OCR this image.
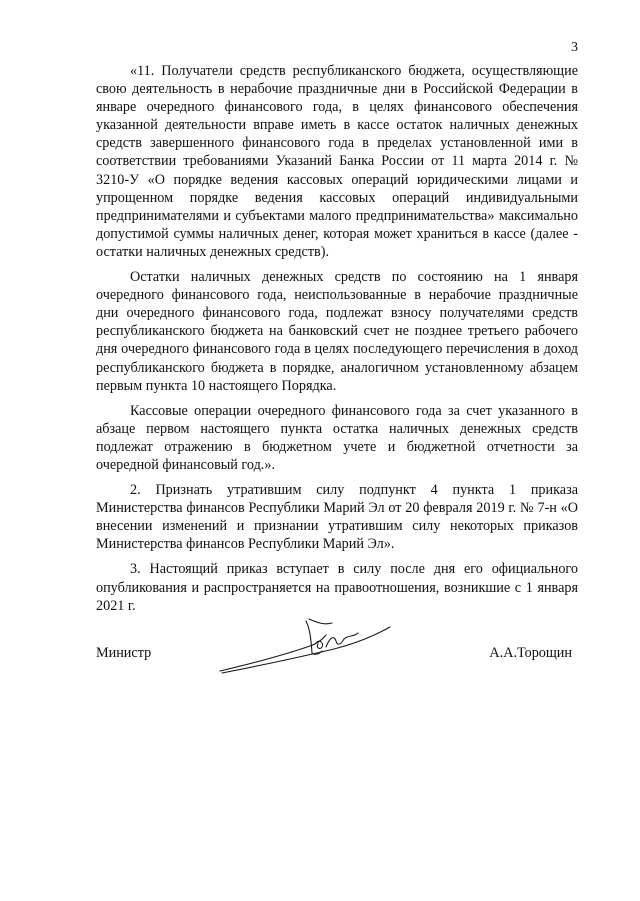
3

«11. Получатели средств республиканского бюджета, осуществляющие свою деятельность в нерабочие праздничные дни в Российской Федерации в январе очередного финансового года, в целях финансового обеспечения указанной деятельности вправе иметь в кассе остаток наличных денежных средств завершенного финансового года в пределах установленной ими в соответствии требованиями Указаний Банка России от 11 марта 2014 г. № 3210-У «О порядке ведения кассовых операций юридическими лицами и упрощенном порядке ведения кассовых операций индивидуальными предпринимателями и субъектами малого предпринимательства» максимально допустимой суммы наличных денег, которая может храниться в кассе (далее - остатки наличных денежных средств).

Остатки наличных денежных средств по состоянию на 1 января очередного финансового года, неиспользованные в нерабочие праздничные дни очередного финансового года, подлежат взносу получателями средств республиканского бюджета на банковский счет не позднее третьего рабочего дня очередного финансового года в целях последующего перечисления в доход республиканского бюджета в порядке, аналогичном установленному абзацем первым пункта 10 настоящего Порядка.

Кассовые операции очередного финансового года за счет указанного в абзаце первом настоящего пункта остатка наличных денежных средств подлежат отражению в бюджетном учете и бюджетной отчетности за очередной финансовый год.».

2. Признать утратившим силу подпункт 4 пункта 1 приказа Министерства финансов Республики Марий Эл от 20 февраля 2019 г. № 7-н «О внесении изменений и признании утратившим силу некоторых приказов Министерства финансов Республики Марий Эл».

3. Настоящий приказ вступает в силу после дня его официального опубликования и распространяется на правоотношения, возникшие с 1 января 2021 г.

Министр	А.А.Торощин
